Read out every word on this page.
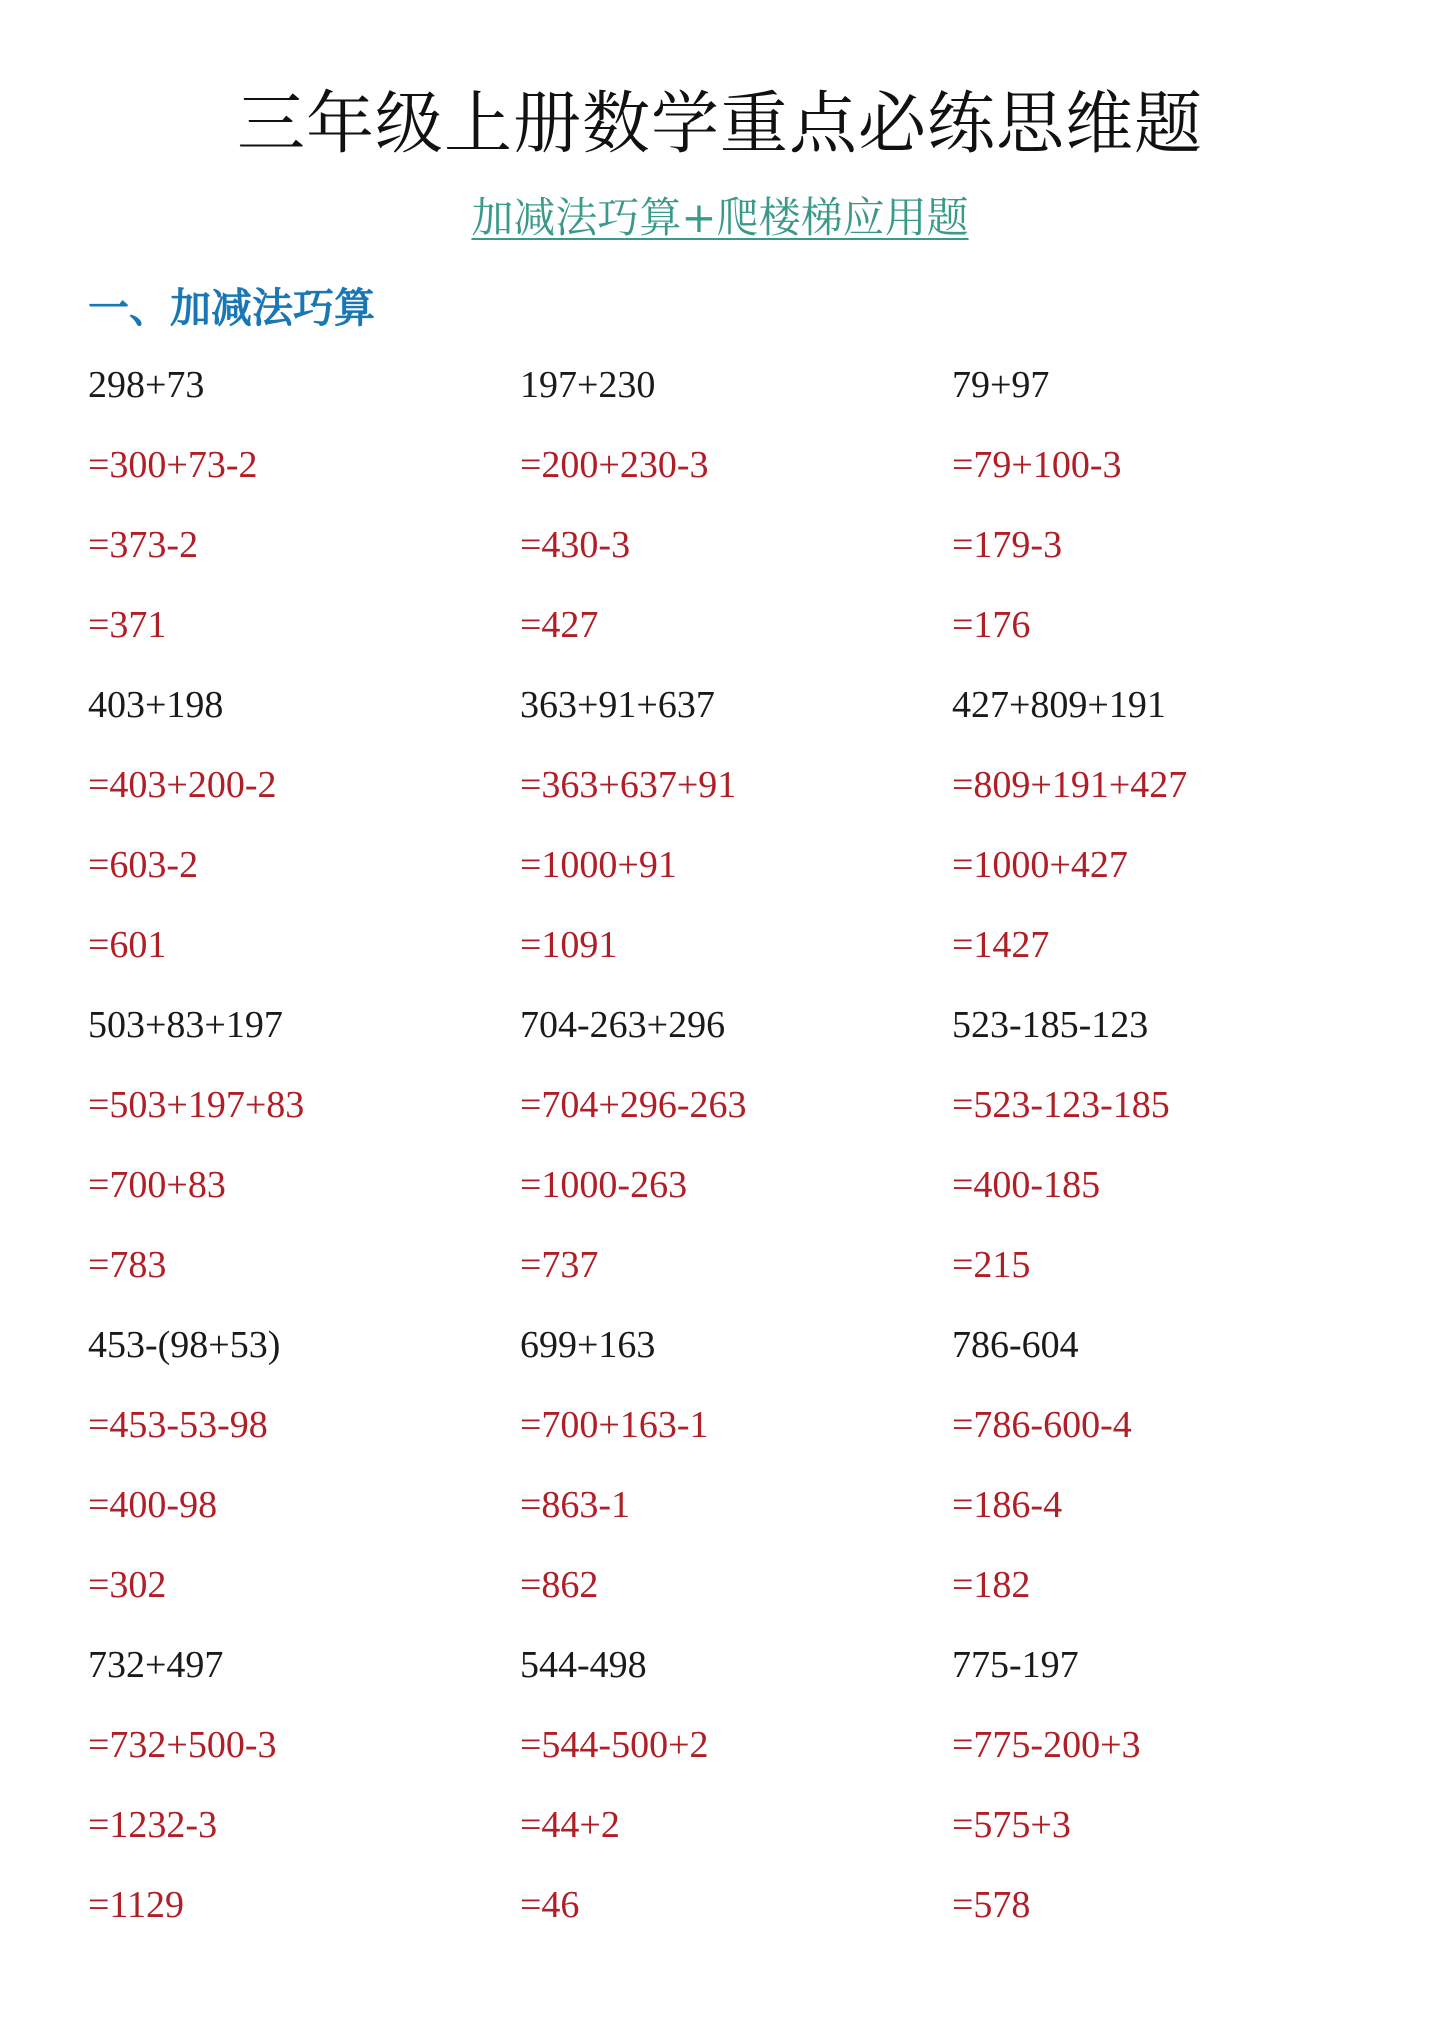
三年级上册数学重点必练思维题
加减法巧算+爬楼梯应用题
一、加减法巧算
298+73
=300+73-2
=373-2
=371
197+230
=200+230-3
=430-3
=427
79+97
=79+100-3
=179-3
=176
403+198
=403+200-2
=603-2
=601
363+91+637
=363+637+91
=1000+91
=1091
427+809+191
=809+191+427
=1000+427
=1427
503+83+197
=503+197+83
=700+83
=783
704-263+296
=704+296-263
=1000-263
=737
523-185-123
=523-123-185
=400-185
=215
453-(98+53)
=453-53-98
=400-98
=302
699+163
=700+163-1
=863-1
=862
786-604
=786-600-4
=186-4
=182
732+497
=732+500-3
=1232-3
=1129
544-498
=544-500+2
=44+2
=46
775-197
=775-200+3
=575+3
=578
